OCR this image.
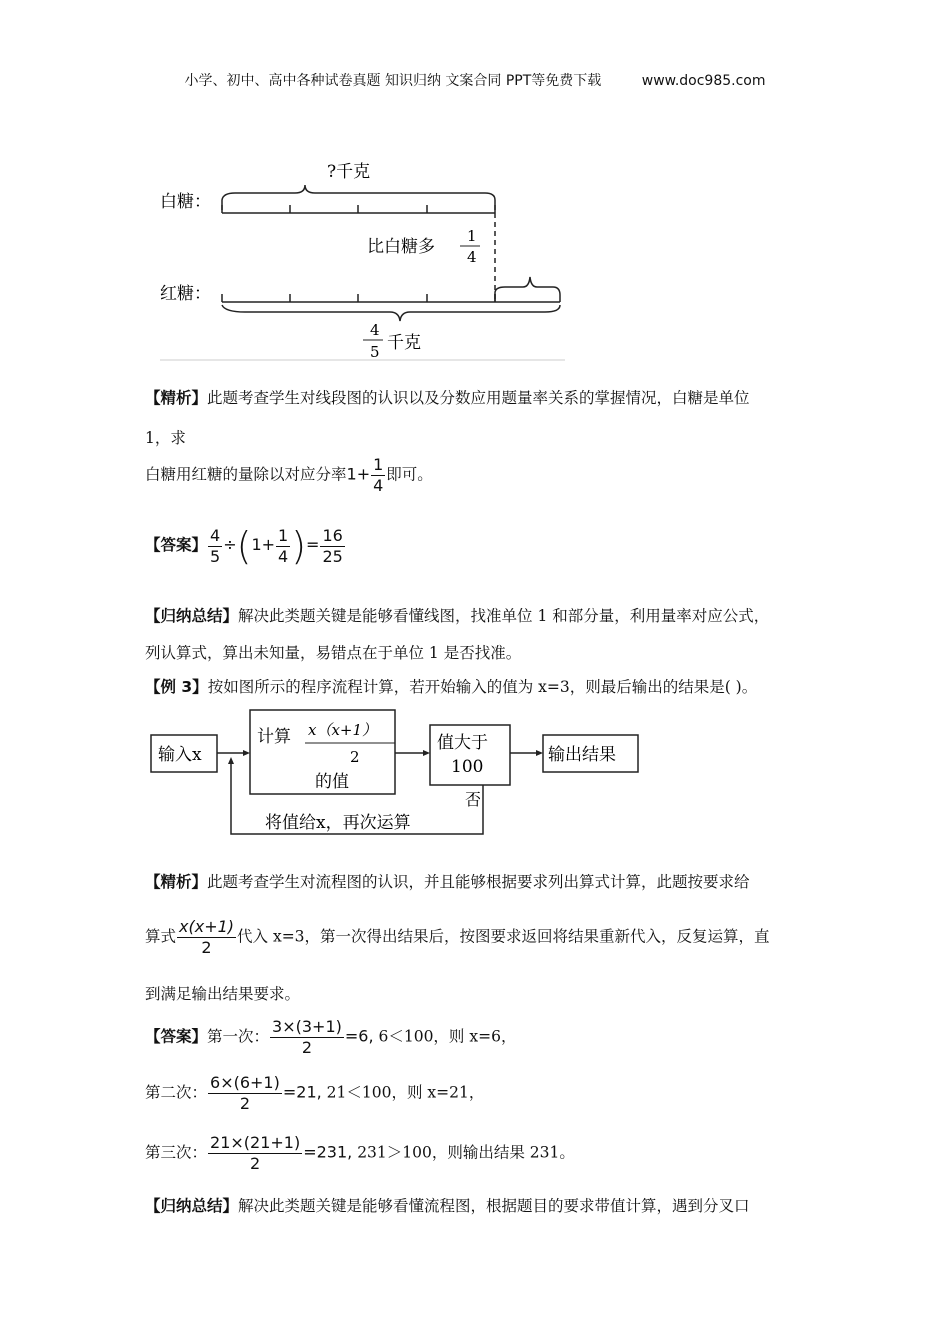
小学、初中、高中各种试卷真题 知识归纳 文案合同 PPT等免费下载	www.doc985.com
白糖：
红糖：
?千克
比白糖多
1
4
4
5 千克
【精析】此题考查学生对线段图的认识以及分数应用题量率关系的掌握情况，白糖是单位
1，求
白糖用红糖的量除以对应分率$1+ \frac{1}{4}$ 即可。
【答案】 $\frac{4}{5} \div(1+ \frac{1}{4}$ )= $\frac{16}{25}$
【归纳总结】解决此类题关键是能够看懂线图，找准单位 1 和部分量，利用量率对应公式，
列认算式，算出未知量，易错点在于单位 1 是否找准。
【例 3】按如图所示的程序流程计算，若开始输入的值为 x=3，则最后输出的结果是( )。
输入x
计算 x（x+1）
2
的值
值大于
100
否
将值给x，再次运算
输出结果
【精析】此题考查学生对流程图的认识，并且能够根据要求列出算式计算，此题按要求给
算式 $\frac{x(x+1)}{2}$ 代入 x=3，第一次得出结果后，按图要求返回将结果重新代入，反复运算，直
到满足输出结果要求。
【答案】第一次： $\frac{3\times(3+1)}{2} =6$, 6＜100，则 x=6，
第二次： $\frac{6\times(6+1)}{2} =21$, 21＜100，则 x=21，
第三次： $\frac{21\times(21+1)}{2} =231$, 231＞100，则输出结果 231。
【归纳总结】解决此类题关键是能够看懂流程图，根据题目的要求带值计算，遇到分叉口
